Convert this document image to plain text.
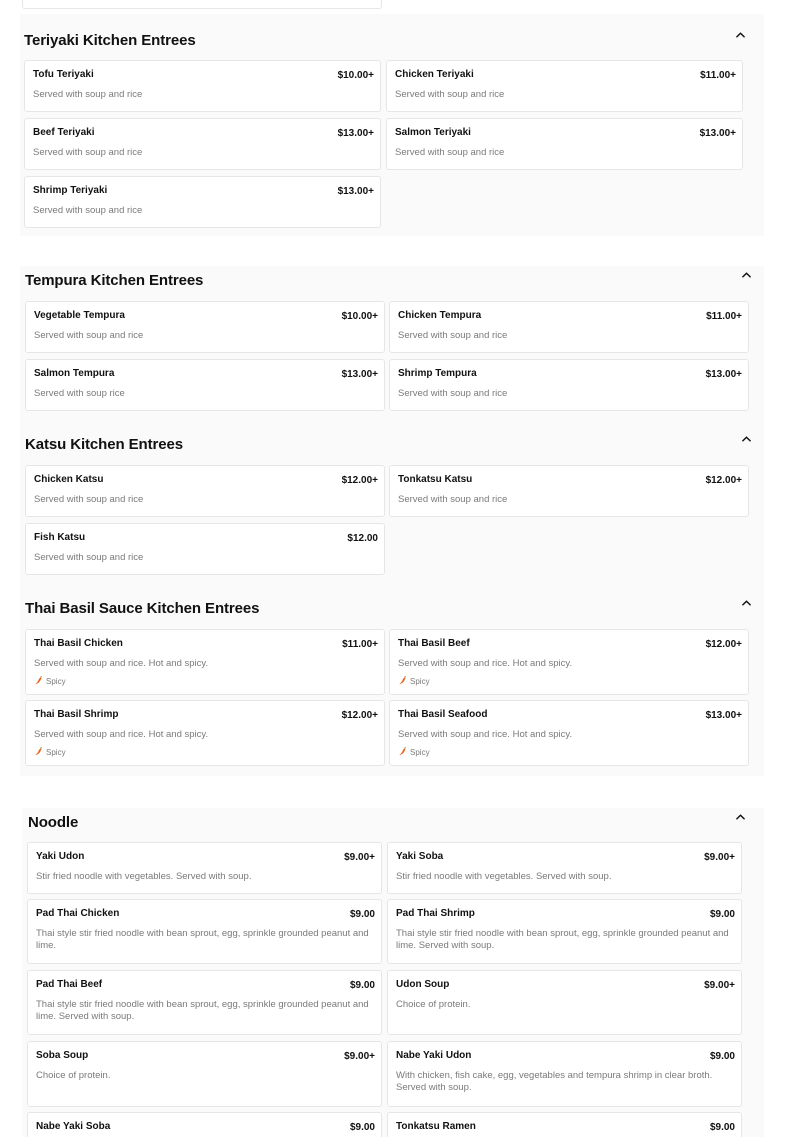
Teriyaki Kitchen Entrees
Tofu Teriyaki	$10.00+
Served with soup and rice
Chicken Teriyaki	$11.00+
Served with soup and rice
Beef Teriyaki	$13.00+
Served with soup and rice
Salmon Teriyaki	$13.00+
Served with soup and rice
Shrimp Teriyaki	$13.00+
Served with soup and rice
Tempura Kitchen Entrees
Vegetable Tempura	$10.00+
Served with soup and rice
Chicken Tempura	$11.00+
Served with soup and rice
Salmon Tempura	$13.00+
Served with soup rice
Shrimp Tempura	$13.00+
Served with soup and rice
Katsu Kitchen Entrees
Chicken Katsu	$12.00+
Served with soup and rice
Tonkatsu Katsu	$12.00+
Served with soup and rice
Fish Katsu	$12.00
Served with soup and rice
Thai Basil Sauce Kitchen Entrees
Thai Basil Chicken	$11.00+
Served with soup and rice. Hot and spicy.
Spicy
Thai Basil Beef	$12.00+
Served with soup and rice. Hot and spicy.
Spicy
Thai Basil Shrimp	$12.00+
Served with soup and rice. Hot and spicy.
Spicy
Thai Basil Seafood	$13.00+
Served with soup and rice. Hot and spicy.
Spicy
Noodle
Yaki Udon	$9.00+
Stir fried noodle with vegetables. Served with soup.
Yaki Soba	$9.00+
Stir fried noodle with vegetables. Served with soup.
Pad Thai Chicken	$9.00
Thai style stir fried noodle with bean sprout, egg, sprinkle grounded peanut and lime.
Pad Thai Shrimp	$9.00
Thai style stir fried noodle with bean sprout, egg, sprinkle grounded peanut and lime. Served with soup.
Pad Thai Beef	$9.00
Thai style stir fried noodle with bean sprout, egg, sprinkle grounded peanut and lime. Served with soup.
Udon Soup	$9.00+
Choice of protein.
Soba Soup	$9.00+
Choice of protein.
Nabe Yaki Udon	$9.00
With chicken, fish cake, egg, vegetables and tempura shrimp in clear broth. Served with soup.
Nabe Yaki Soba	$9.00 Tonkatsu Ramen	$9.00
